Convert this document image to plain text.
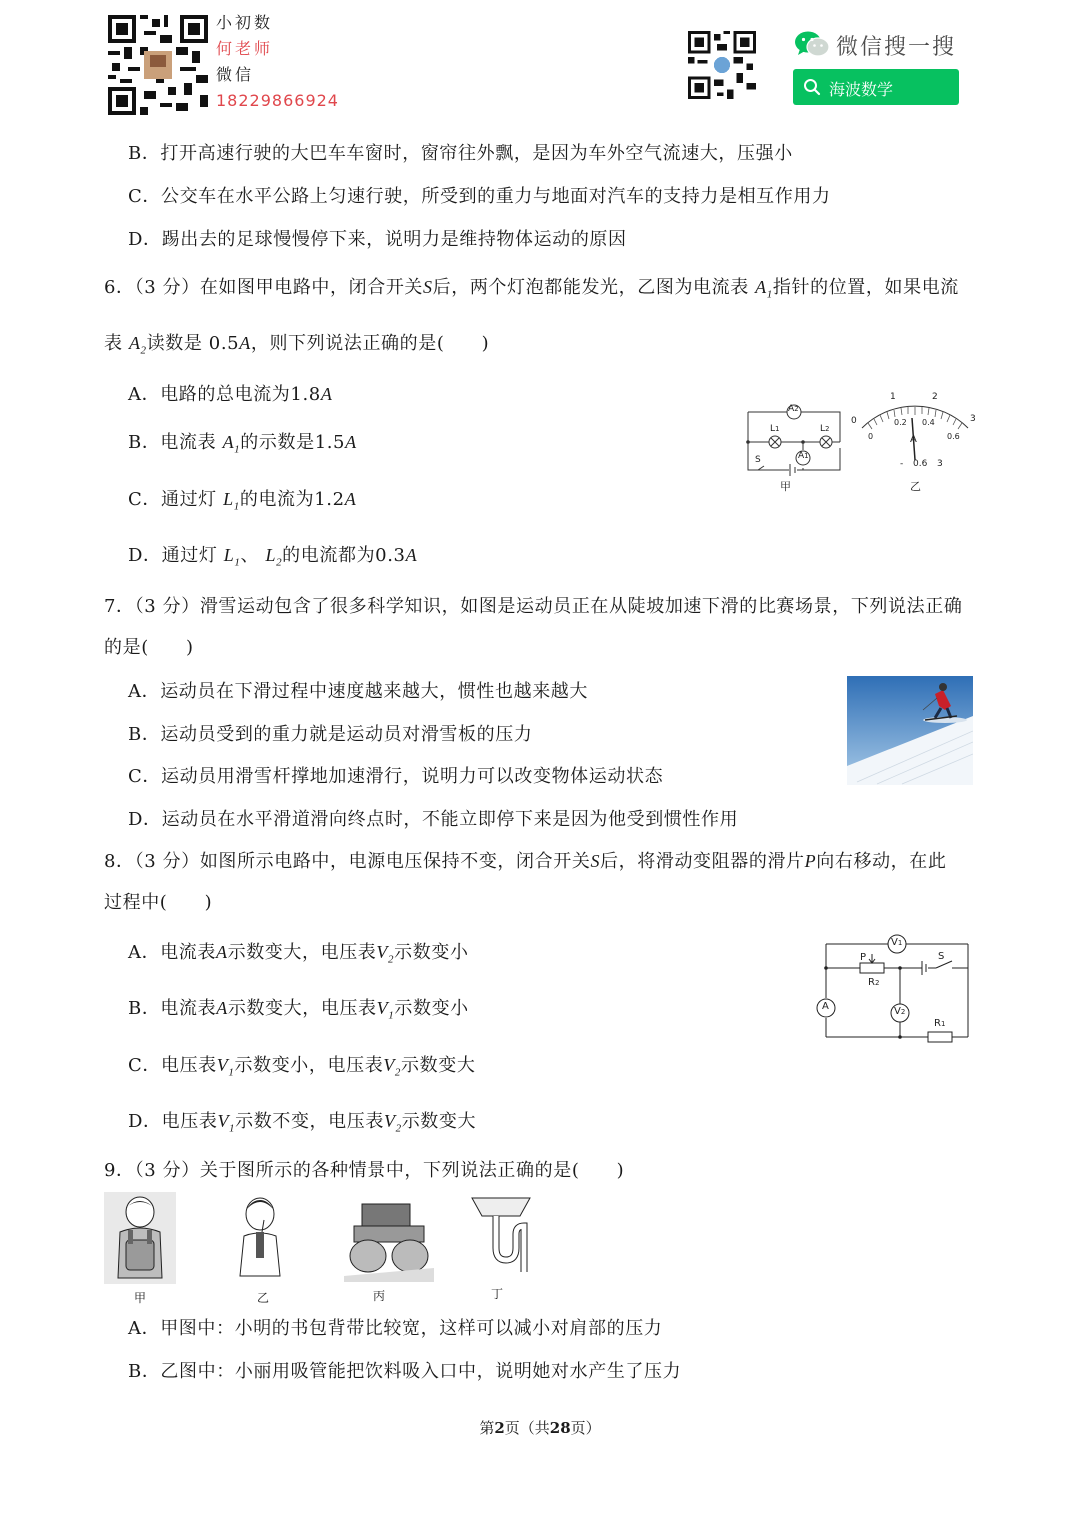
小初数
何老师
微信
18229866924
微信搜一搜
海波数学
B．打开高速行驶的大巴车车窗时，窗帘往外飘，是因为车外空气流速大，压强小
C．公交车在水平公路上匀速行驶，所受到的重力与地面对汽车的支持力是相互作用力
D．踢出去的足球慢慢停下来，说明力是维持物体运动的原因
6．（3 分）在如图甲电路中，闭合开关S后，两个灯泡都能发光，乙图为电流表 $A_1$指针的位置，如果电流
表 $A_2$读数是 0.5A，则下列说法正确的是(　　)
A．电路的总电流为1.8A
B．电流表 $A_1$的示数是1.5A
C．通过灯 $L_1$的电流为1.2A
D．通过灯 $L_1$、 $L_2$的电流都为0.3A
A2
L1	L2
A1
S
甲
0
1	2
3
0
0.2 0.4
0.6
A
- 0.6 3
乙
7．（3 分）滑雪运动包含了很多科学知识，如图是运动员正在从陡坡加速下滑的比赛场景，下列说法正确
的是(　　)
A．运动员在下滑过程中速度越来越大，惯性也越来越大
B．运动员受到的重力就是运动员对滑雪板的压力
C．运动员用滑雪杆撑地加速滑行，说明力可以改变物体运动状态
D．运动员在水平滑道滑向终点时，不能立即停下来是因为他受到惯性作用
8．（3 分）如图所示电路中，电源电压保持不变，闭合开关S后，将滑动变阻器的滑片P向右移动，在此
过程中(　　)
A．电流表A示数变大，电压表$V_2$示数变小
B．电流表A示数变大，电压表$V_1$示数变小
C．电压表$V_1$示数变小，电压表$V_2$示数变大
D．电压表$V_1$示数不变，电压表$V_2$示数变大
V1
A	V2
P
R2
S
R1
9．（3 分）关于图所示的各种情景中，下列说法正确的是(　　)
甲	乙	丙	丁
A．甲图中：小明的书包背带比较宽，这样可以减小对肩部的压力
B．乙图中：小丽用吸管能把饮料吸入口中，说明她对水产生了压力
第2页（共28页）
